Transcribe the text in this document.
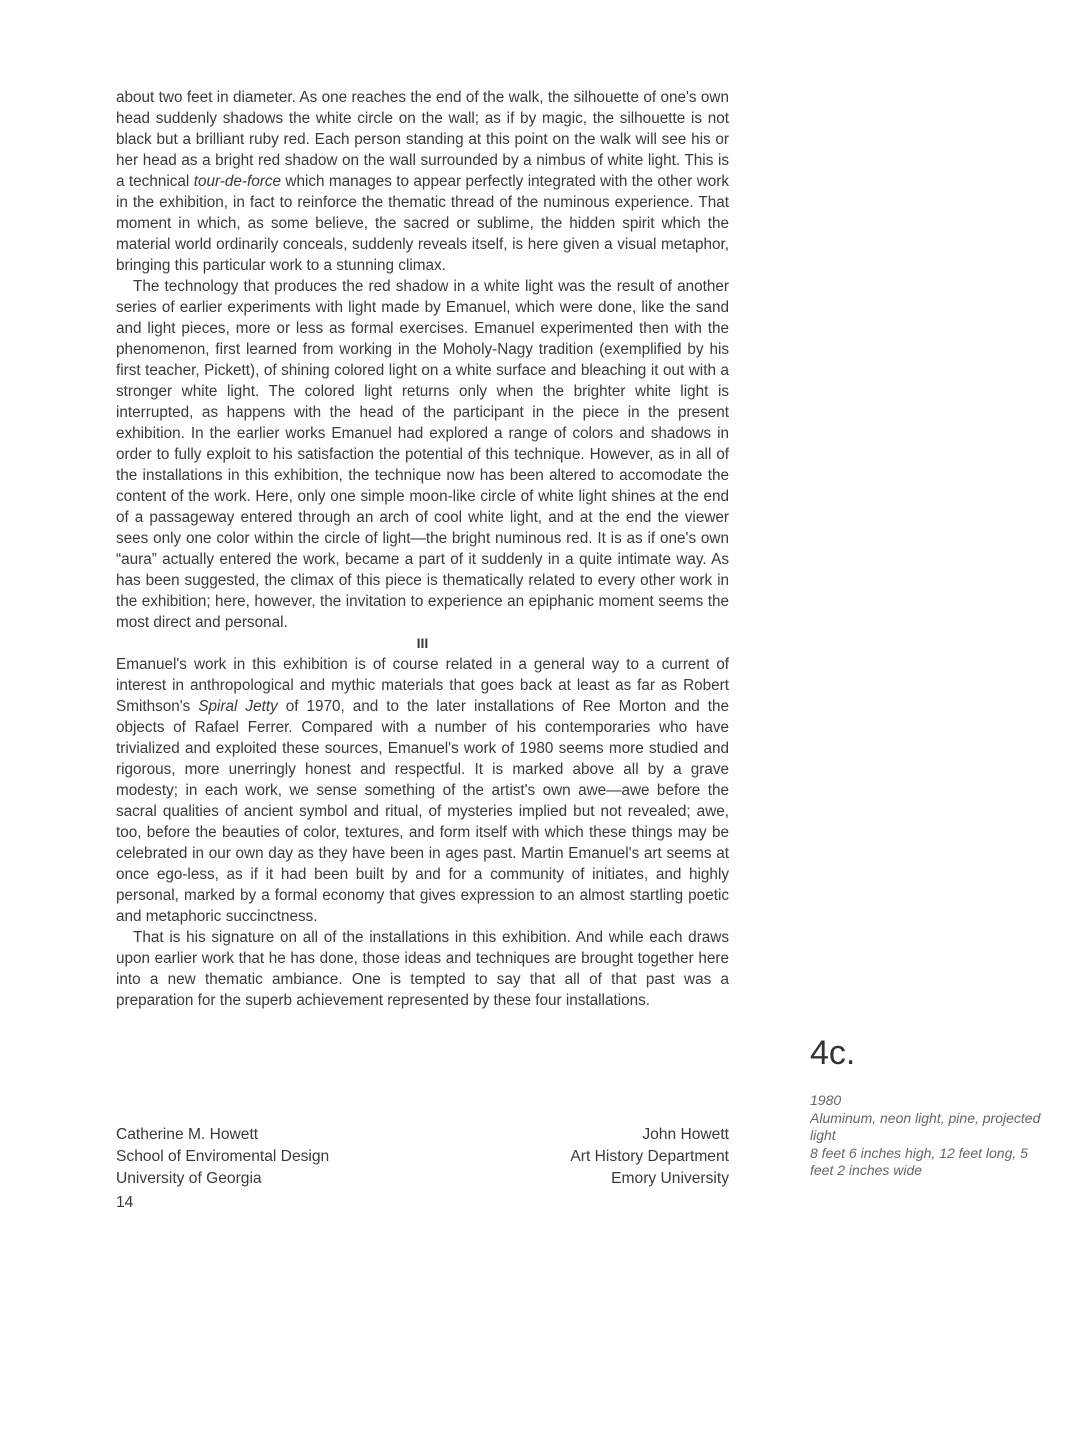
about two feet in diameter. As one reaches the end of the walk, the silhouette of one's own head suddenly shadows the white circle on the wall; as if by magic, the silhouette is not black but a brilliant ruby red. Each person standing at this point on the walk will see his or her head as a bright red shadow on the wall surrounded by a nimbus of white light. This is a technical tour-de-force which manages to appear perfectly integrated with the other work in the exhibition, in fact to reinforce the thematic thread of the numinous experience. That moment in which, as some believe, the sacred or sublime, the hidden spirit which the material world ordinarily conceals, suddenly reveals itself, is here given a visual metaphor, bringing this particular work to a stunning climax.

The technology that produces the red shadow in a white light was the result of another series of earlier experiments with light made by Emanuel, which were done, like the sand and light pieces, more or less as formal exercises. Emanuel experimented then with the phenomenon, first learned from working in the Moholy-Nagy tradition (exemplified by his first teacher, Pickett), of shining colored light on a white surface and bleaching it out with a stronger white light. The colored light returns only when the brighter white light is interrupted, as happens with the head of the participant in the piece in the present exhibition. In the earlier works Emanuel had explored a range of colors and shadows in order to fully exploit to his satisfaction the potential of this technique. However, as in all of the installations in this exhibition, the technique now has been altered to accomodate the content of the work. Here, only one simple moon-like circle of white light shines at the end of a passageway entered through an arch of cool white light, and at the end the viewer sees only one color within the circle of light—the bright numinous red. It is as if one's own “aura” actually entered the work, became a part of it suddenly in a quite intimate way. As has been suggested, the climax of this piece is thematically related to every other work in the exhibition; here, however, the invitation to experience an epiphanic moment seems the most direct and personal.

III

Emanuel's work in this exhibition is of course related in a general way to a current of interest in anthropological and mythic materials that goes back at least as far as Robert Smithson's Spiral Jetty of 1970, and to the later installations of Ree Morton and the objects of Rafael Ferrer. Compared with a number of his contemporaries who have trivialized and exploited these sources, Emanuel's work of 1980 seems more studied and rigorous, more unerringly honest and respectful. It is marked above all by a grave modesty; in each work, we sense something of the artist's own awe—awe before the sacral qualities of ancient symbol and ritual, of mysteries implied but not revealed; awe, too, before the beauties of color, textures, and form itself with which these things may be celebrated in our own day as they have been in ages past. Martin Emanuel's art seems at once ego-less, as if it had been built by and for a community of initiates, and highly personal, marked by a formal economy that gives expression to an almost startling poetic and metaphoric succinctness.

That is his signature on all of the installations in this exhibition. And while each draws upon earlier work that he has done, those ideas and techniques are brought together here into a new thematic ambiance. One is tempted to say that all of that past was a preparation for the superb achievement represented by these four installations.

Catherine M. Howett
School of Enviromental Design
University of Georgia
John Howett
Art History Department
Emory University
14
4c.
1980
Aluminum, neon light, pine, projected light
8 feet 6 inches high, 12 feet long, 5 feet 2 inches wide
